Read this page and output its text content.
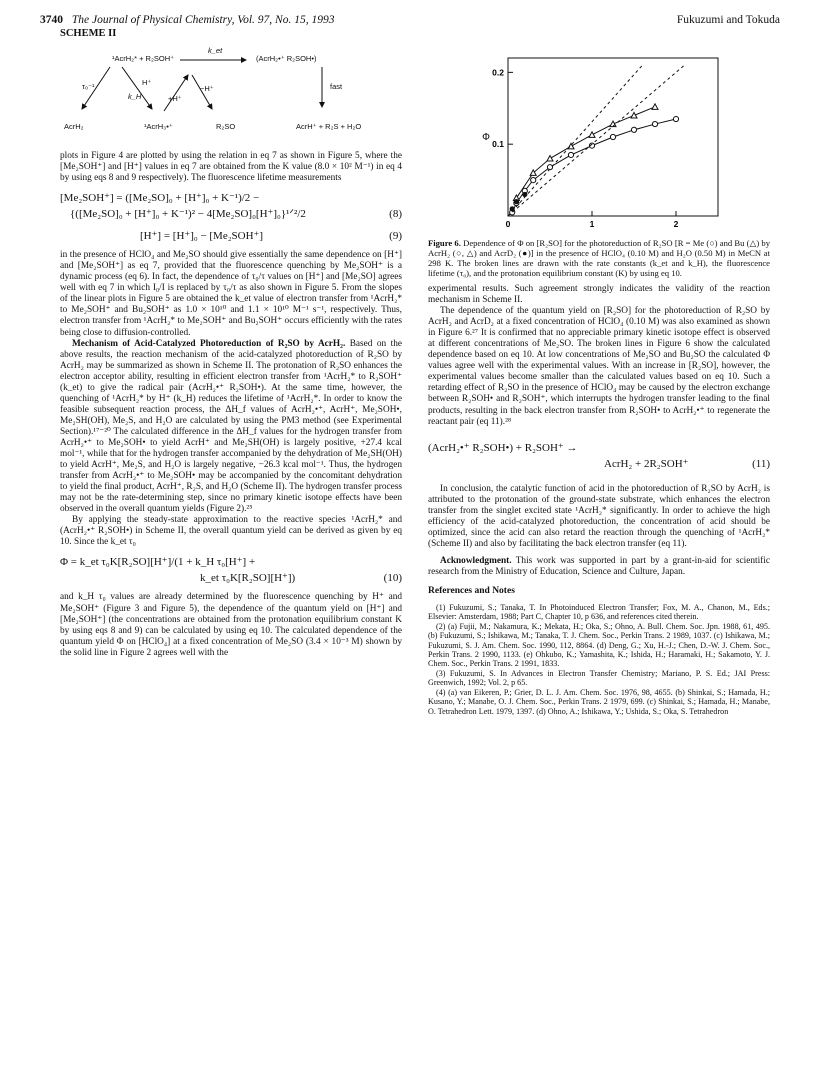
3740 The Journal of Physical Chemistry, Vol. 97, No. 15, 1993	Fukuzumi and Tokuda
SCHEME II
¹AcrH₂* + R₂SOH⁺
k_et
(AcrH₂•⁺ R₂SOH•)
τ₀⁻¹
k_H
H⁺
+H⁺
−H⁺	fast
AcrH₂	¹AcrH₃•⁺	R₂SO	AcrH⁺ + R₂S + H₂O

plots in Figure 4 are plotted by using the relation in eq 7 as shown in Figure 5, where the [Me₂SOH⁺] and [H⁺] values in eq 7 are obtained from the K value (8.0 × 10² M⁻¹) in eq 4 by using eqs 8 and 9 respectively). The fluorescence lifetime measurements

[Me₂SOH⁺] = ([Me₂SO]₀ + [H⁺]₀ + K⁻¹)/2 −
{([Me₂SO]₀ + [H⁺]₀ + K⁻¹)² − 4[Me₂SO]₀[H⁺]₀}¹ᐟ²/2	(8)
[H⁺] = [H⁺]₀ − [Me₂SOH⁺]	(9)

in the presence of HClO₄ and Me₂SO should give essentially the same dependence on [H⁺] and [Me₂SOH⁺] as eq 7, provided that the fluorescence quenching by Me₂SOH⁺ is a dynamic process (eq 6). In fact, the dependence of τ₀/τ values on [H⁺] and [Me₂SO] agrees well with eq 7 in which I₀/I is replaced by τ₀/τ as also shown in Figure 5. From the slopes of the linear plots in Figure 5 are obtained the k_et value of electron transfer from ¹AcrH₂* to Me₂SOH⁺ and Bu₂SOH⁺ as 1.0 × 10¹⁰ and 1.1 × 10¹⁰ M⁻¹ s⁻¹, respectively. Thus, electron transfer from ¹AcrH₂* to Me₂SOH⁺ and Bu₂SOH⁺ occurs efficiently with the rates being close to diffusion-controlled.

Mechanism of Acid-Catalyzed Photoreduction of R₂SO by AcrH₂. Based on the above results, the reaction mechanism of the acid-catalyzed photoreduction of R₂SO by AcrH₂ may be summarized as shown in Scheme II. The protonation of R₂SO enhances the electron acceptor ability, resulting in efficient electron transfer from ¹AcrH₂* to R₂SOH⁺ (k_et) to give the radical pair (AcrH₂•⁺ R₂SOH•). At the same time, however, the quenching of ¹AcrH₂* by H⁺ (k_H) reduces the lifetime of ¹AcrH₂*. In order to know the feasible subsequent reaction process, the ΔH_f values of AcrH₂•⁺, AcrH⁺, Me₂SOH•, Me₂SH(OH), Me₂S, and H₂O are calculated by using the PM3 method (see Experimental Section).¹⁷⁻²⁰ The calculated difference in the ΔH_f values for the hydrogen transfer from AcrH₂•⁺ to Me₂SOH• to yield AcrH⁺ and Me₂SH(OH) is largely positive, +27.4 kcal mol⁻¹, while that for the hydrogen transfer accompanied by the dehydration of Me₂SH(OH) to yield AcrH⁺, Me₂S, and H₂O is largely negative, −26.3 kcal mol⁻¹. Thus, the hydrogen transfer from AcrH₂•⁺ to Me₂SOH• may be accompanied by the concomitant dehydration to yield the final product, AcrH⁺, R₂S, and H₂O (Scheme II). The hydrogen transfer process may not be the rate-determining step, since no primary kinetic isotope effects have been observed in the overall quantum yields (Figure 2).²⁵

By applying the steady-state approximation to the reactive species ¹AcrH₂* and (AcrH₂•⁺ R₂SOH•) in Scheme II, the overall quantum yield can be derived as given by eq 10. Since the k_et τ₀

Φ = k_et τ₀K[R₂SO][H⁺]/(1 + k_H τ₀[H⁺] +
k_et τ₀K[R₂SO][H⁺])	(10)

and k_H τ₀ values are already determined by the fluorescence quenching by H⁺ and Me₂SOH⁺ (Figure 3 and Figure 5), the dependence of the quantum yield on [H⁺] and [Me₂SOH⁺] (the concentrations are obtained from the protonation equilibrium constant K by using eqs 8 and 9) can be calculated by using eq 10. The calculated dependence of the quantum yield Φ on [HClO₄] at a fixed concentration of Me₂SO (3.4 × 10⁻³ M) shown by the solid line in Figure 2 agrees well with the

0	1	2
0.1
0.2
Φ
Figure 6. Dependence of Φ on [R₂SO] for the photoreduction of R₂SO [R = Me (○) and Bu (△) by AcrH₂ (○, △) and AcrD₂ (●)] in the presence of HClO₄ (0.10 M) and H₂O (0.50 M) in MeCN at 298 K. The broken lines are drawn with the rate constants (k_et and k_H), the fluorescence lifetime (τ₀), and the protonation equilibrium constant (K) by using eq 10.

experimental results. Such agreement strongly indicates the validity of the reaction mechanism in Scheme II.

The dependence of the quantum yield on [R₂SO] for the photoreduction of R₂SO by AcrH₂ and AcrD₂ at a fixed concentration of HClO₄ (0.10 M) was also examined as shown in Figure 6.²⁷ It is confirmed that no appreciable primary kinetic isotope effect is observed at different concentrations of Me₂SO. The broken lines in Figure 6 show the calculated dependence based on eq 10. At low concentrations of Me₂SO and Bu₂SO the calculated Φ values agree well with the experimental values. With an increase in [R₂SO], however, the experimental values become smaller than the calculated values based on eq 10. Such a retarding effect of R₂SO in the presence of HClO₄ may be caused by the electron exchange between R₂SOH• and R₂SOH⁺, which interrupts the hydrogen transfer leading to the final products, resulting in the back electron transfer from R₂SOH• to AcrH₂•⁺ to regenerate the reactant pair (eq 11).²⁸

(AcrH₂•⁺ R₂SOH•) + R₂SOH⁺ →
AcrH₂ + 2R₂SOH⁺	(11)

In conclusion, the catalytic function of acid in the photoreduction of R₂SO by AcrH₂ is attributed to the protonation of the ground-state substrate, which enhances the electron transfer from the singlet excited state ¹AcrH₂* significantly. In order to achieve the high efficiency of the acid-catalyzed photoreduction, the concentration of acid should be optimized, since the acid can also retard the reaction through the quenching of ¹AcrH₂* (Scheme II) and also by facilitating the back electron transfer (eq 11).

Acknowledgment. This work was supported in part by a grant-in-aid for scientific research from the Ministry of Education, Science and Culture, Japan.

References and Notes

(1) Fukuzumi, S.; Tanaka, T. In Photoinduced Electron Transfer; Fox, M. A., Chanon, M., Eds.; Elsevier: Amsterdam, 1988; Part C, Chapter 10, p 636, and references cited therein.

(2) (a) Fujii, M.; Nakamura, K.; Mekata, H.; Oka, S.; Ohno, A. Bull. Chem. Soc. Jpn. 1988, 61, 495. (b) Fukuzumi, S.; Ishikawa, M.; Tanaka, T. J. Chem. Soc., Perkin Trans. 2 1989, 1037. (c) Ishikawa, M.; Fukuzumi, S. J. Am. Chem. Soc. 1990, 112, 8864. (d) Deng, G.; Xu, H.-J.; Chen, D.-W. J. Chem. Soc., Perkin Trans. 2 1990, 1133. (e) Ohkubo, K.; Yamashita, K.; Ishida, H.; Haramaki, H.; Sakamoto, Y. J. Chem. Soc., Perkin Trans. 2 1991, 1833.

(3) Fukuzumi, S. In Advances in Electron Transfer Chemistry; Mariano, P. S. Ed.; JAI Press: Greenwich, 1992; Vol. 2, p 65.

(4) (a) van Eikeren, P.; Grier, D. L. J. Am. Chem. Soc. 1976, 98, 4655. (b) Shinkai, S.; Hamada, H.; Kusano, Y.; Manabe, O. J. Chem. Soc., Perkin Trans. 2 1979, 699. (c) Shinkai, S.; Hamada, H.; Manabe, O. Tetrahedron Lett. 1979, 1397. (d) Ohno, A.; Ishikawa, Y.; Ushida, S.; Oka, S. Tetrahedron
